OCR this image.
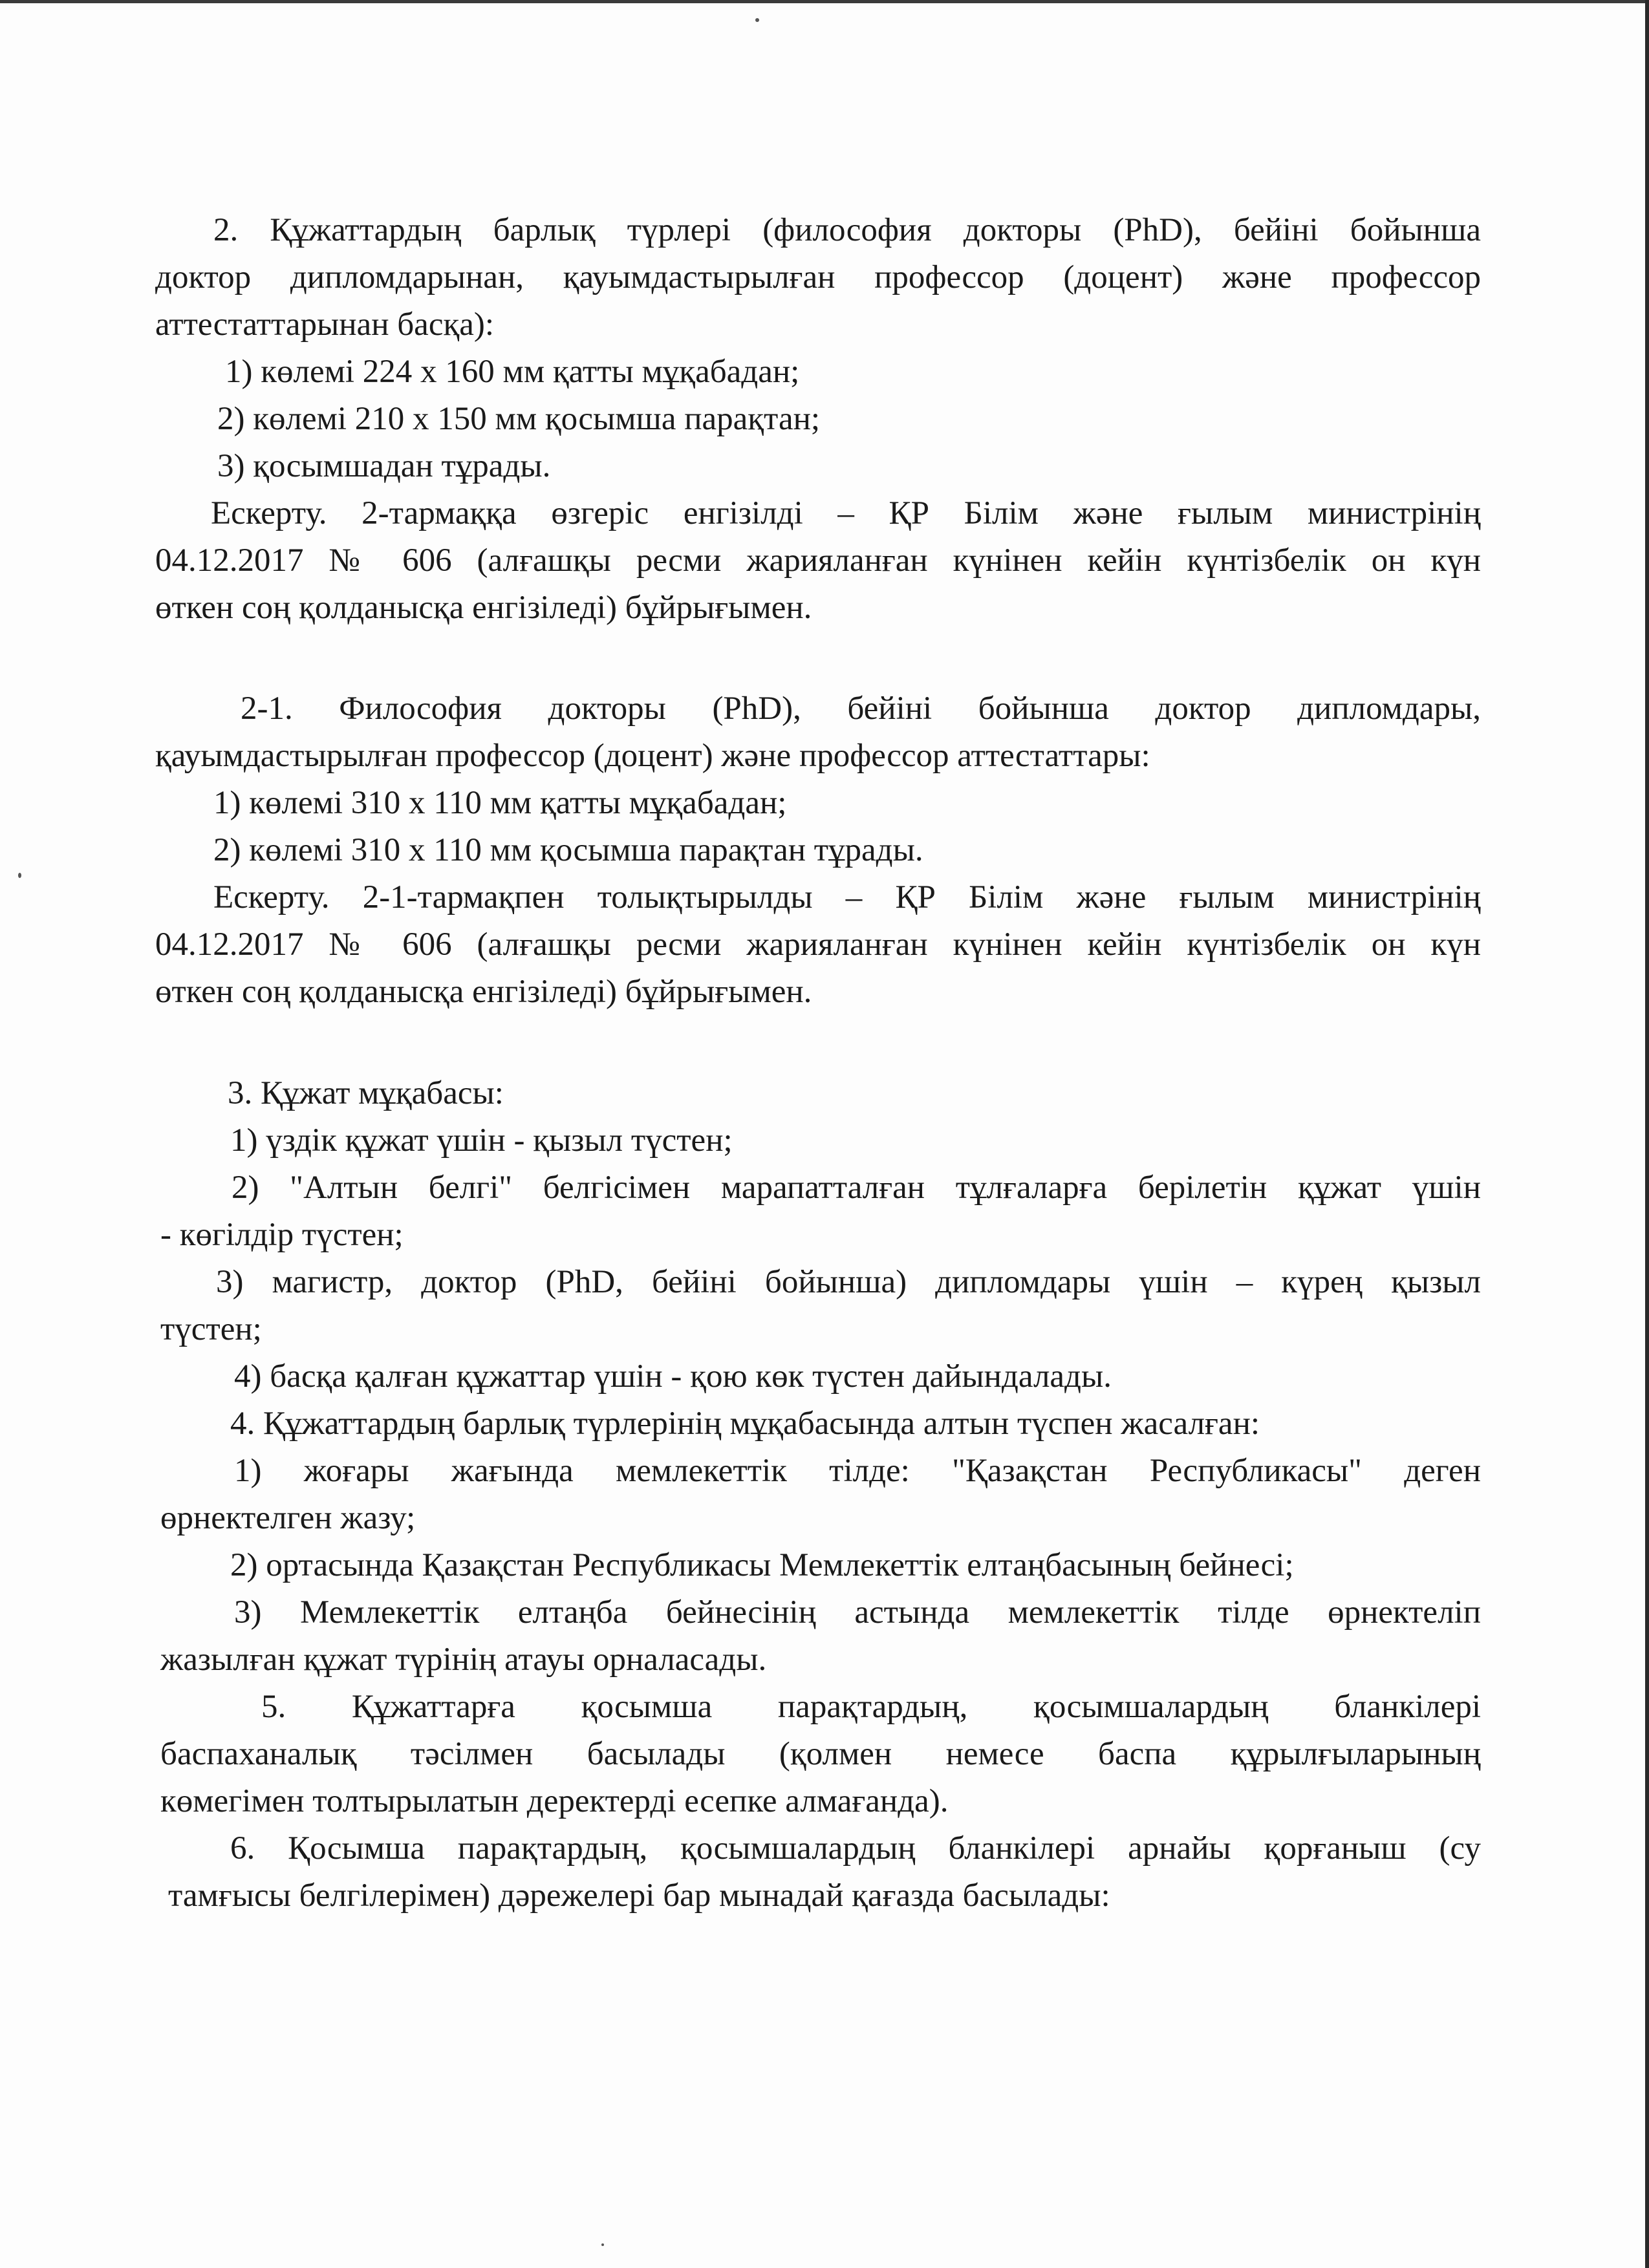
2. Құжаттардың барлық түрлері (философия докторы (PhD), бейіні бойынша
доктор дипломдарынан, қауымдастырылған профессор (доцент) және профессор
аттестаттарынан басқа):
1) көлемі 224 х 160 мм қатты мұқабадан;
2) көлемі 210 х 150 мм қосымша парақтан;
3) қосымшадан тұрады.
Ескерту. 2-тармаққа өзгеріс енгізілді – ҚР Білім және ғылым министрінің
04.12.2017 № 606 (алғашқы ресми жарияланған күнінен кейін күнтізбелік он күн
өткен соң қолданысқа енгізіледі) бұйрығымен.
2-1. Философия докторы (PhD), бейіні бойынша доктор дипломдары,
қауымдастырылған профессор (доцент) және профессор аттестаттары:
1) көлемі 310 х 110 мм қатты мұқабадан;
2) көлемі 310 х 110 мм қосымша парақтан тұрады.
Ескерту. 2-1-тармақпен толықтырылды – ҚР Білім және ғылым министрінің
04.12.2017 № 606 (алғашқы ресми жарияланған күнінен кейін күнтізбелік он күн
өткен соң қолданысқа енгізіледі) бұйрығымен.
3. Құжат мұқабасы:
1) үздік құжат үшін - қызыл түстен;
2) "Алтын белгі" белгісімен марапатталған тұлғаларға берілетін құжат үшін
- көгілдір түстен;
3) магистр, доктор (PhD, бейіні бойынша) дипломдары үшін – күрең қызыл
түстен;
4) басқа қалған құжаттар үшін - қою көк түстен дайындалады.
4. Құжаттардың барлық түрлерінің мұқабасында алтын түспен жасалған:
1) жоғары жағында мемлекеттік тілде: "Қазақстан Республикасы" деген
өрнектелген жазу;
2) ортасында Қазақстан Республикасы Мемлекеттік елтаңбасының бейнесі;
3) Мемлекеттік елтаңба бейнесінің астында мемлекеттік тілде өрнектеліп
жазылған құжат түрінің атауы орналасады.
5. Құжаттарға қосымша парақтардың, қосымшалардың бланкілері
баспаханалық тәсілмен басылады (қолмен немесе баспа құрылғыларының
көмегімен толтырылатын деректерді есепке алмағанда).
6. Қосымша парақтардың, қосымшалардың бланкілері арнайы қорғаныш (су
тамғысы белгілерімен) дәрежелері бар мынадай қағазда басылады:
